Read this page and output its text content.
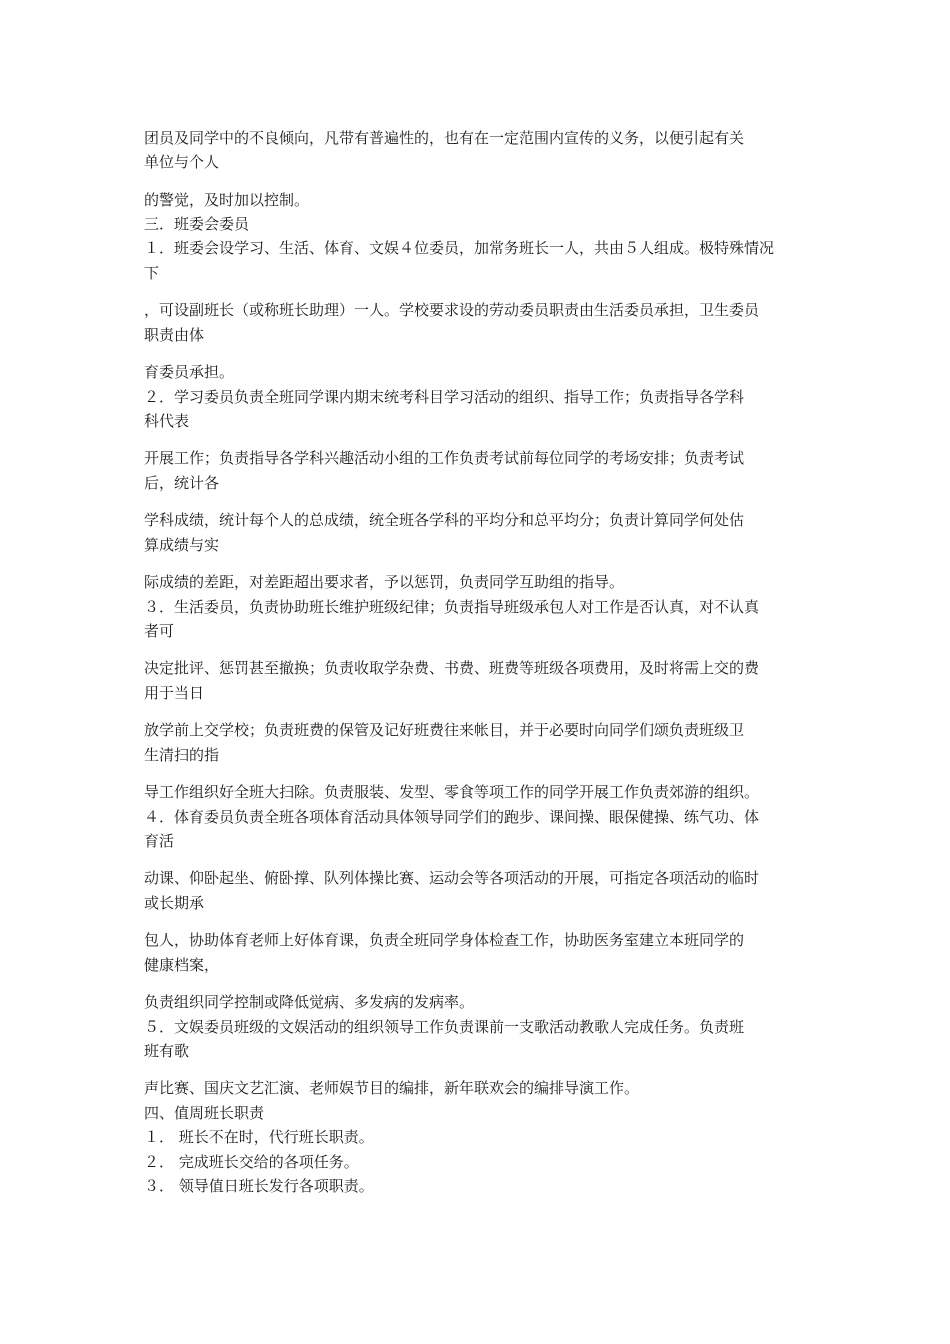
团员及同学中的不良倾向，凡带有普遍性的，也有在一定范围内宣传的义务，以便引起有关
单位与个人
的警觉，及时加以控制。
三．班委会委员
１．班委会设学习、生活、体育、文娱４位委员，加常务班长一人，共由５人组成。极特殊情况
下
，可设副班长（或称班长助理）一人。学校要求设的劳动委员职责由生活委员承担，卫生委员
职责由体
育委员承担。
２．学习委员负责全班同学课内期末统考科目学习活动的组织、指导工作；负责指导各学科
科代表
开展工作；负责指导各学科兴趣活动小组的工作负责考试前每位同学的考场安排；负责考试
后，统计各
学科成绩，统计每个人的总成绩，统全班各学科的平均分和总平均分；负责计算同学何处估
算成绩与实
际成绩的差距，对差距超出要求者，予以惩罚，负责同学互助组的指导。
３．生活委员，负责协助班长维护班级纪律；负责指导班级承包人对工作是否认真，对不认真
者可
决定批评、惩罚甚至撤换；负责收取学杂费、书费、班费等班级各项费用，及时将需上交的费
用于当日
放学前上交学校；负责班费的保管及记好班费往来帐目，并于必要时向同学们颂负责班级卫
生清扫的指
导工作组织好全班大扫除。负责服装、发型、零食等项工作的同学开展工作负责郊游的组织。
４．体育委员负责全班各项体育活动具体领导同学们的跑步、课间操、眼保健操、练气功、体
育活
动课、仰卧起坐、俯卧撑、队列体操比赛、运动会等各项活动的开展，可指定各项活动的临时
或长期承
包人，协助体育老师上好体育课，负责全班同学身体检查工作，协助医务室建立本班同学的
健康档案，
负责组织同学控制或降低觉病、多发病的发病率。
５．文娱委员班级的文娱活动的组织领导工作负责课前一支歌活动教歌人完成任务。负责班
班有歌
声比赛、国庆文艺汇演、老师娱节目的编排，新年联欢会的编排导演工作。
四、值周班长职责
１． 班长不在时，代行班长职责。
２． 完成班长交给的各项任务。
３． 领导值日班长发行各项职责。
